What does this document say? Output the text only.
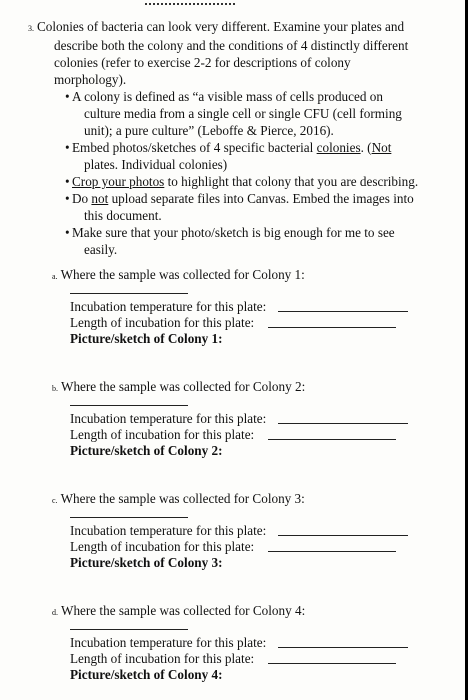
3. Colonies of bacteria can look very different. Examine your plates and
describe both the colony and the conditions of 4 distinctly different
colonies (refer to exercise 2-2 for descriptions of colony
morphology).
• A colony is defined as “a visible mass of cells produced on
culture media from a single cell or single CFU (cell forming
unit); a pure culture” (Leboffe & Pierce, 2016).
• Embed photos/sketches of 4 specific bacterial colonies. (Not
plates. Individual colonies)
• Crop your photos to highlight that colony that you are describing.
• Do not upload separate files into Canvas. Embed the images into
this document.
• Make sure that your photo/sketch is big enough for me to see
easily.
a. Where the sample was collected for Colony 1:
Incubation temperature for this plate:
Length of incubation for this plate:
Picture/sketch of Colony 1:
b. Where the sample was collected for Colony 2:
Incubation temperature for this plate:
Length of incubation for this plate:
Picture/sketch of Colony 2:
c. Where the sample was collected for Colony 3:
Incubation temperature for this plate:
Length of incubation for this plate:
Picture/sketch of Colony 3:
d. Where the sample was collected for Colony 4:
Incubation temperature for this plate:
Length of incubation for this plate:
Picture/sketch of Colony 4:
